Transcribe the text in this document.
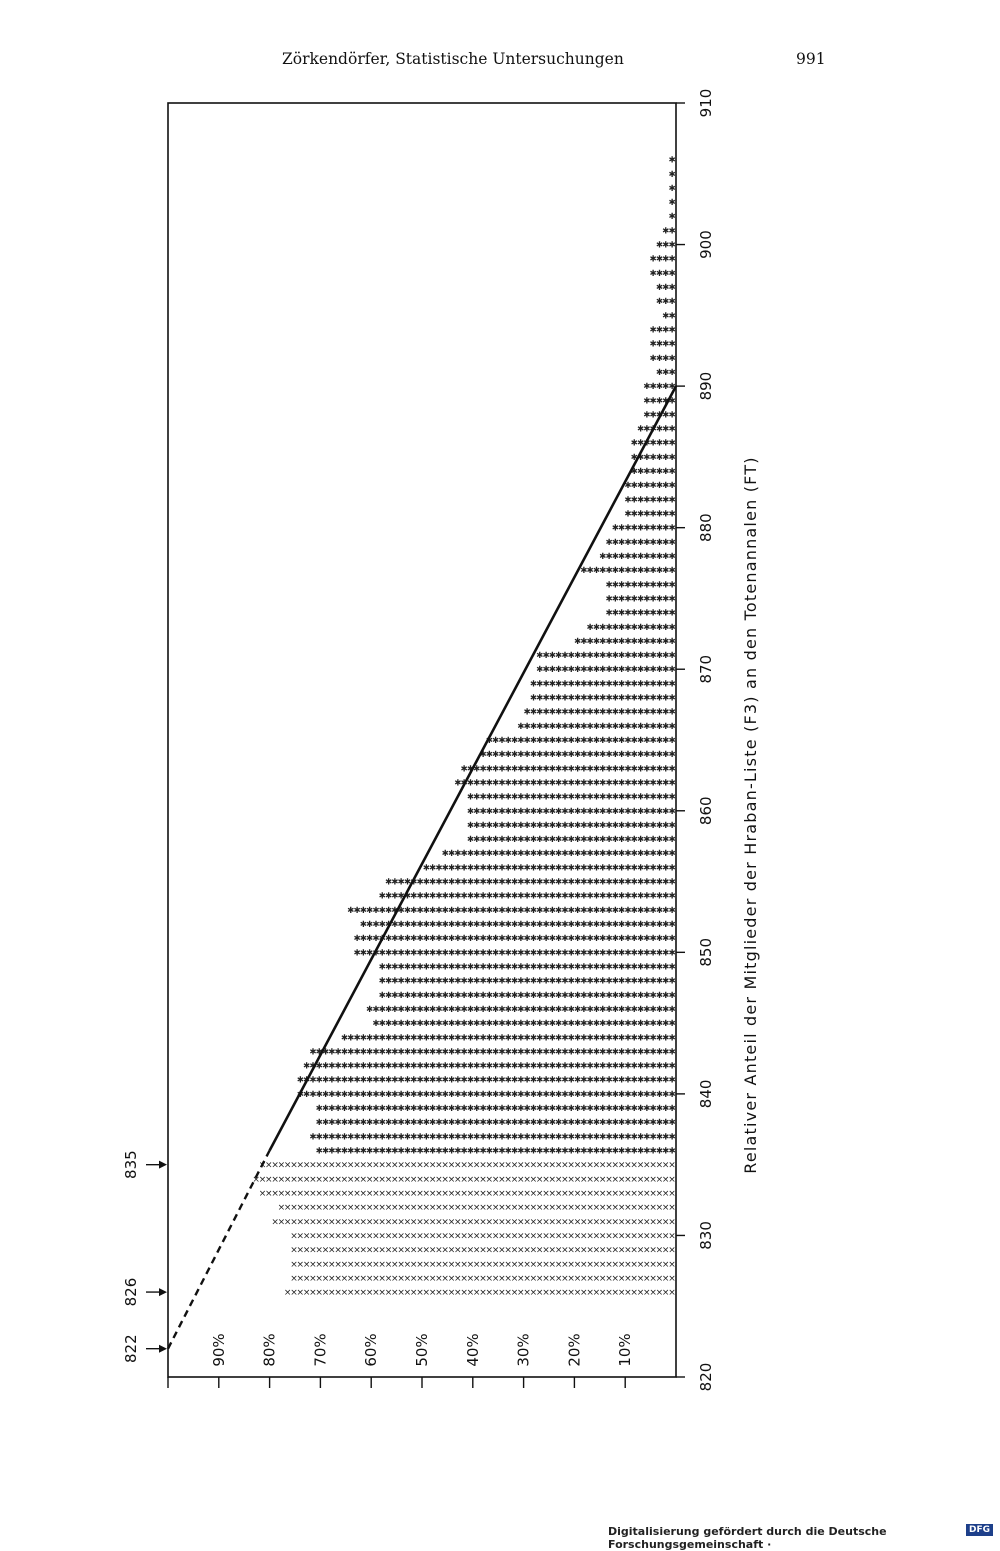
Zörkendörfer, Statistische Untersuchungen	991
×
×
×
×
×
×
×
×
×
×
×
×
×
×
×
×
×
×
×
×
×
×
×
×
×
×
×
×
×
×
×
×
×
×
×
×
×
×
×
×
×
×
×
×
×
×
×
×
×
×
×
×
×
×
×
×
×
×
×
×
×
×
×
×
×
×
×
×
×
×
×
×
×
×
×
×
×
×
×
×
×
×
×
×
×
×
×
×
×
×
×
×
×
×
×
×
×
×
×
×
×
×
×
×
×
×
×
×
×
×
×
×
×
×
×
×
×
×
×
×
×
×
×
×
×
×
×
×
×
×
×
×
×
×
×
×
×
×
×
×
×
×
×
×
×
×
×
×
×
×
×
×
×
×
×
×
×
×
×
×
×
×
×
×
×
×
×
×
×
×
×
×
×
×
×
×
×
×
×
×
×
×
×
×
×
×
×
×
×
×
×
×
×
×
×
×
×
×
×
×
×
×
×
×
×
×
×
×
×
×
×
×
×
×
×
×
×
×
×
×
×
×
×
×
×
×
×
×
×
×
×
×
×
×
×
×
×
×
×
×
×
×
×
×
×
×
×
×
×
×
×
×
×
×
×
×
×
×
×
×
×
×
×
×
×
×
×
×
×
×
×
×
×
×
×
×
×
×
×
×
×
×
×
×
×
×
×
×
×
×
×
×
×
×
×
×
×
×
×
×
×
×
×
×
×
×
×
×
×
×
×
×
×
×
×
×
×
×
×
×
×
×
×
×
×
×
×
×
×
×
×
×
×
×
×
×
×
×
×
×
×
×
×
×
×
×
×
×
×
×
×
×
×
×
×
×
×
×
×
×
×
×
×
×
×
×
×
×
×
×
×
×
×
×
×
×
×
×
×
×
×
×
×
×
×
×
×
×
×
×
×
×
×
×
×
×
×
×
×
×
×
×
×
×
×
×
×
×
×
×
×
×
×
×
×
×
×
×
×
×
×
×
×
×
×
×
×
×
×
×
×
×
×
×
×
×
×
×
×
×
×
×
×
×
×
×
×
×
×
×
×
×
×
×
×
×
×
×
×
×
×
×
×
×
×
×
×
×
×
×
×
×
×
×
×
×
×
×
×
×
×
×
×
×
×
×
×
×
×
×
×
×
×
×
×
×
×
×
×
×
×
×
×
×
×
×
×
×
×
×
×
×
×
×
×
×
×
×
×
×
×
×
×
×
×
×
×
×
×
×
×
×
×
×
×
×
×
×
×
×
×
×
×
×
×
×
×
×
×
×
×
×
×
×
×
×
×
×
×
×
×
×
×
×
×
×
×
×
×
×
×
×
×
×
×
×
×
×
×
×
×
×
×
×
×
×
×
×
×
×
×
×
×
×
×
×
×
×
×
×
×
×
×
×
×
×
×
×
×
×
×
×
×
×
×
×
×
×
×
×
×
×
×
×
×
×
×
×
×
×
×
✱
✱
✱
✱
✱
✱
✱
✱
✱
✱
✱
✱
✱
✱
✱
✱
✱
✱
✱
✱
✱
✱
✱
✱
✱
✱
✱
✱
✱
✱
✱
✱
✱
✱
✱
✱
✱
✱
✱
✱
✱
✱
✱
✱
✱
✱
✱
✱
✱
✱
✱
✱
✱
✱
✱
✱
✱
✱
✱
✱
✱
✱
✱
✱
✱
✱
✱
✱
✱
✱
✱
✱
✱
✱
✱
✱
✱
✱
✱
✱
✱
✱
✱
✱
✱
✱
✱
✱
✱
✱
✱
✱
✱
✱
✱
✱
✱
✱
✱
✱
✱
✱
✱
✱
✱
✱
✱
✱
✱
✱
✱
✱
✱
✱
✱
✱
✱
✱
✱
✱
✱
✱
✱
✱
✱
✱
✱
✱
✱
✱
✱
✱
✱
✱
✱
✱
✱
✱
✱
✱
✱
✱
✱
✱
✱
✱
✱
✱
✱
✱
✱
✱
✱
✱
✱
✱
✱
✱
✱
✱
✱
✱
✱
✱
✱
✱
✱
✱
✱
✱
✱
✱
✱
✱
✱
✱
✱
✱
✱
✱
✱
✱
✱
✱
✱
✱
✱
✱
✱
✱
✱
✱
✱
✱
✱
✱
✱
✱
✱
✱
✱
✱
✱
✱
✱
✱
✱
✱
✱
✱
✱
✱
✱
✱
✱
✱
✱
✱
✱
✱
✱
✱
✱
✱
✱
✱
✱
✱
✱
✱
✱
✱
✱
✱
✱
✱
✱
✱
✱
✱
✱
✱
✱
✱
✱
✱
✱
✱
✱
✱
✱
✱
✱
✱
✱
✱
✱
✱
✱
✱
✱
✱
✱
✱
✱
✱
✱
✱
✱
✱
✱
✱
✱
✱
✱
✱
✱
✱
✱
✱
✱
✱
✱
✱
✱
✱
✱
✱
✱
✱
✱
✱
✱
✱
✱
✱
✱
✱
✱
✱
✱
✱
✱
✱
✱
✱
✱
✱
✱
✱
✱
✱
✱
✱
✱
✱
✱
✱
✱
✱
✱
✱
✱
✱
✱
✱
✱
✱
✱
✱
✱
✱
✱
✱
✱
✱
✱
✱
✱
✱
✱
✱
✱
✱
✱
✱
✱
✱
✱
✱
✱
✱
✱
✱
✱
✱
✱
✱
✱
✱
✱
✱
✱
✱
✱
✱
✱
✱
✱
✱
✱
✱
✱
✱
✱
✱
✱
✱
✱
✱
✱
✱
✱
✱
✱
✱
✱
✱
✱
✱
✱
✱
✱
✱
✱
✱
✱
✱
✱
✱
✱
✱
✱
✱
✱
✱
✱
✱
✱
✱
✱
✱
✱
✱
✱
✱
✱
✱
✱
✱
✱
✱
✱
✱
✱
✱
✱
✱
✱
✱
✱
✱
✱
✱
✱
✱
✱
✱
✱
✱
✱
✱
✱
✱
✱
✱
✱
✱
✱
✱
✱
✱
✱
✱
✱
✱
✱
✱
✱
✱
✱
✱
✱
✱
✱
✱
✱
✱
✱
✱
✱
✱
✱
✱
✱
✱
✱
✱
✱
✱
✱
✱
✱
✱
✱
✱
✱
✱
✱
✱
✱
✱
✱
✱
✱
✱
✱
✱
✱
✱
✱
✱
✱
✱
✱
✱
✱
✱
✱
✱
✱
✱
✱
✱
✱
✱
✱
✱
✱
✱
✱
✱
✱
✱
✱
✱
✱
✱
✱
✱
✱
✱
✱
✱
✱
✱
✱
✱
✱
✱
✱
✱
✱
✱
✱
✱
✱
✱
✱
✱
✱
✱
✱
✱
✱
✱
✱
✱
✱
✱
✱
✱
✱
✱
✱
✱
✱
✱
✱
✱
✱
✱
✱
✱
✱
✱
✱
✱
✱
✱
✱
✱
✱
✱
✱
✱
✱
✱
✱
✱
✱
✱
✱
✱
✱
✱
✱
✱
✱
✱
✱
✱
✱
✱
✱
✱
✱
✱
✱
✱
✱
✱
✱
✱
✱
✱
✱
✱
✱
✱
✱
✱
✱
✱
✱
✱
✱
✱
✱
✱
✱
✱
✱
✱
✱
✱
✱
✱
✱
✱
✱
✱
✱
✱
✱
✱
✱
✱
✱
✱
✱
✱
✱
✱
✱
✱
✱
✱
✱
✱
✱
✱
✱
✱
✱
✱
✱
✱
✱
✱
✱
✱
✱
✱
✱
✱
✱
✱
✱
✱
✱
✱
✱
✱
✱
✱
✱
✱
✱
✱
✱
✱
✱
✱
✱
✱
✱
✱
✱
✱
✱
✱
✱
✱
✱
✱
✱
✱
✱
✱
✱
✱
✱
✱
✱
✱
✱
✱
✱
✱
✱
✱
✱
✱
✱
✱
✱
✱
✱
✱
✱
✱
✱
✱
✱
✱
✱
✱
✱
✱
✱
✱
✱
✱
✱
✱
✱
✱
✱
✱
✱
✱
✱
✱
✱
✱
✱
✱
✱
✱
✱
✱
✱
✱
✱
✱
✱
✱
✱
✱
✱
✱
✱
✱
✱
✱
✱
✱
✱
✱
✱
✱
✱
✱
✱
✱
✱
✱
✱
✱
✱
✱
✱
✱
✱
✱
✱
✱
✱
✱
✱
✱
✱
✱
✱
✱
✱
✱
✱
✱
✱
✱
✱
✱
✱
✱
✱
✱
✱
✱
✱
✱
✱
✱
✱
✱
✱
✱
✱
✱
✱
✱
✱
✱
✱
✱
✱
✱
✱
✱
✱
✱
✱
✱
✱
✱
✱
✱
✱
✱
✱
✱
✱
✱
✱
✱
✱
✱
✱
✱
✱
✱
✱
✱
✱
✱
✱
✱
✱
✱
✱
✱
✱
✱
✱
✱
✱
✱
✱
✱
✱
✱
✱
✱
✱
✱
✱
✱
✱
✱
✱
✱
✱
✱
✱
✱
✱
✱
✱
✱
✱
✱
✱
✱
✱
✱
✱
✱
✱
✱
✱
✱
✱
✱
✱
✱
✱
✱
✱
✱
✱
✱
✱
✱
✱
✱
✱
✱
✱
✱
✱
✱
✱
✱
✱
✱
✱
✱
✱
✱
✱
✱
✱
✱
✱
✱
✱
✱
✱
✱
✱
✱
✱
✱
✱
✱
✱
✱
✱
✱
✱
✱
✱
✱
✱
✱
✱
✱
✱
✱
✱
✱
✱
✱
✱
✱
✱
✱
✱
✱
✱
✱
✱
✱
✱
✱
✱
✱
✱
✱
✱
✱
✱
✱
✱
✱
✱
✱
✱
✱
✱
✱
✱
✱
✱
✱
✱
✱
✱
✱
✱
✱
✱
✱
✱
✱
✱
✱
✱
✱
✱
✱
✱
✱
✱
✱
✱
✱
✱
✱
✱
✱
✱
✱
✱
✱
✱
✱
✱
✱
✱
✱
✱
✱
✱
✱
✱
✱
✱
✱
✱
✱
✱
✱
✱
✱
✱
✱
✱
✱
✱
✱
✱
✱
✱
✱
✱
✱
✱
✱
✱
✱
✱
✱
✱
✱
✱
✱
✱
✱
✱
✱
✱
✱
✱
✱
✱
✱
✱
✱
✱
✱
✱
✱
✱
✱
✱
✱
✱
✱
✱
✱
✱
✱
✱
✱
✱
✱
✱
✱
✱
✱
✱
✱
✱
✱
✱
✱
✱
✱
✱
✱
✱
✱
✱
✱
✱
✱
✱
✱
✱
✱
✱
✱
✱
✱
✱
✱
✱
✱
✱
✱
✱
✱
✱
✱
✱
✱
✱
✱
✱
✱
✱
✱
✱
✱
✱
✱
✱
✱
✱
✱
✱
✱
✱
✱
✱
✱
✱
✱
✱
✱
✱
✱
✱
✱
✱
✱
✱
✱
✱
✱
✱
✱
✱
✱
✱
✱
✱
✱
✱
✱
✱
✱
✱
✱
✱
✱
✱
✱
✱
✱
✱
✱
✱
✱
✱
✱
✱
✱
✱
✱
✱
✱
✱
✱
✱
✱
✱
✱
✱
✱
✱
✱
✱
✱
✱
✱
✱
✱
✱
✱
✱
✱
✱
✱
✱
✱
✱
✱
✱
✱
✱
✱
✱
✱
✱
✱
✱
✱
✱
✱
✱
✱
✱
✱
✱
✱
✱
✱
✱
✱
✱
✱
✱
✱
✱
✱
✱
✱
✱
✱
✱
✱
✱
✱
✱
✱
✱
✱
✱
✱
✱
✱
✱
✱
✱
✱
✱
✱
✱
✱
✱
✱
✱
✱
✱
✱
✱
✱
✱
✱
✱
✱
✱
✱
✱
✱
✱
✱
✱
✱
✱
✱
✱
✱
✱
✱
✱
✱
✱
✱
✱
✱
✱
✱
✱
✱
✱
✱
✱
✱
✱
✱
✱
✱
✱
✱
✱
✱
✱
✱
✱
✱
✱
✱
✱
✱
✱
✱
✱
✱
✱
✱
✱
✱
✱
✱
✱
✱
✱
✱
✱
✱
✱
✱
✱
✱
✱
✱
✱
✱
✱
✱
✱
✱
✱
✱
✱
✱
✱
✱
✱
✱
✱
✱
✱
✱
✱
✱
✱
✱
✱
✱
✱
✱
✱
✱
✱
✱
✱
✱
✱
✱
✱
✱
✱
✱
✱
✱
✱
✱
✱
✱
✱
✱
✱
✱
✱
✱
✱
✱
✱
✱
✱
✱
✱
✱
✱
✱
✱
✱
✱
✱
✱
✱
✱
✱
✱
✱
✱
✱
✱
✱
✱
✱
✱
✱
✱
✱
✱
✱
✱
✱
✱
✱
✱
✱
✱
✱
✱
✱
✱
✱
✱
✱
✱
✱
✱
✱
✱
✱
✱
✱
✱
✱
✱
✱
✱
✱
✱
✱
✱
✱
✱
✱
✱
✱
✱
✱
✱
✱
✱
✱
✱
✱
✱
✱
✱
✱
✱
✱
✱
✱
✱
✱
✱
✱
✱
✱
✱
✱
✱
✱
✱
✱
✱
✱
✱
✱
✱
✱
✱
✱
✱
✱
✱
✱
✱
✱
✱
✱
✱
✱
✱
✱
✱
✱
✱
✱
✱
✱
✱
✱
✱
✱
✱
✱
✱
✱
✱
✱
✱
✱
✱
✱
✱
✱
✱
✱
✱
✱
✱
✱
✱
✱
✱
✱
✱
✱
✱
✱
✱
✱
✱
✱
✱
✱
✱
✱
✱
✱
✱
✱
✱
✱
✱
✱
✱
✱
✱
✱
✱
✱
✱
✱
✱
✱
✱
✱
✱
✱
✱
✱
✱
✱
✱
✱
✱
✱
✱
✱
✱
✱
✱
✱
✱
✱
✱
✱
✱
✱
✱
✱
✱
✱
✱
✱
✱
✱
✱
✱
✱
✱
✱
✱
✱
✱
✱
✱
✱
✱
✱
✱
✱
✱
✱
✱
✱
✱
✱
✱
✱
✱
✱
✱
✱
✱
✱
✱
✱
✱
✱
✱
✱
✱
✱
✱
✱
✱
✱
✱
✱
✱
✱
✱
✱
✱
✱
✱
✱
✱
✱
✱
✱
✱
✱
✱
✱
✱
✱
✱
✱
✱
✱
✱
✱
✱
✱
✱
✱
✱
✱
✱
✱
✱
✱
✱
✱
✱
✱
✱
✱
✱
✱
✱
✱
✱
✱
✱
✱
✱
✱
✱
✱
✱
✱
✱
✱
✱
✱
✱
✱
✱
✱
✱
✱
✱
✱
✱
820
830
840
850
860
870
880
890
900
910
90% 80% 70% 60% 50% 40% 30% 20% 10%
822
826
835	Relativer Anteil der Mitglieder der Hraban-Liste (F3) an den Totenannalen (FT)
Digitalisierung gefördert durch die Deutsche Forschungsgemeinschaft ·
DFG
